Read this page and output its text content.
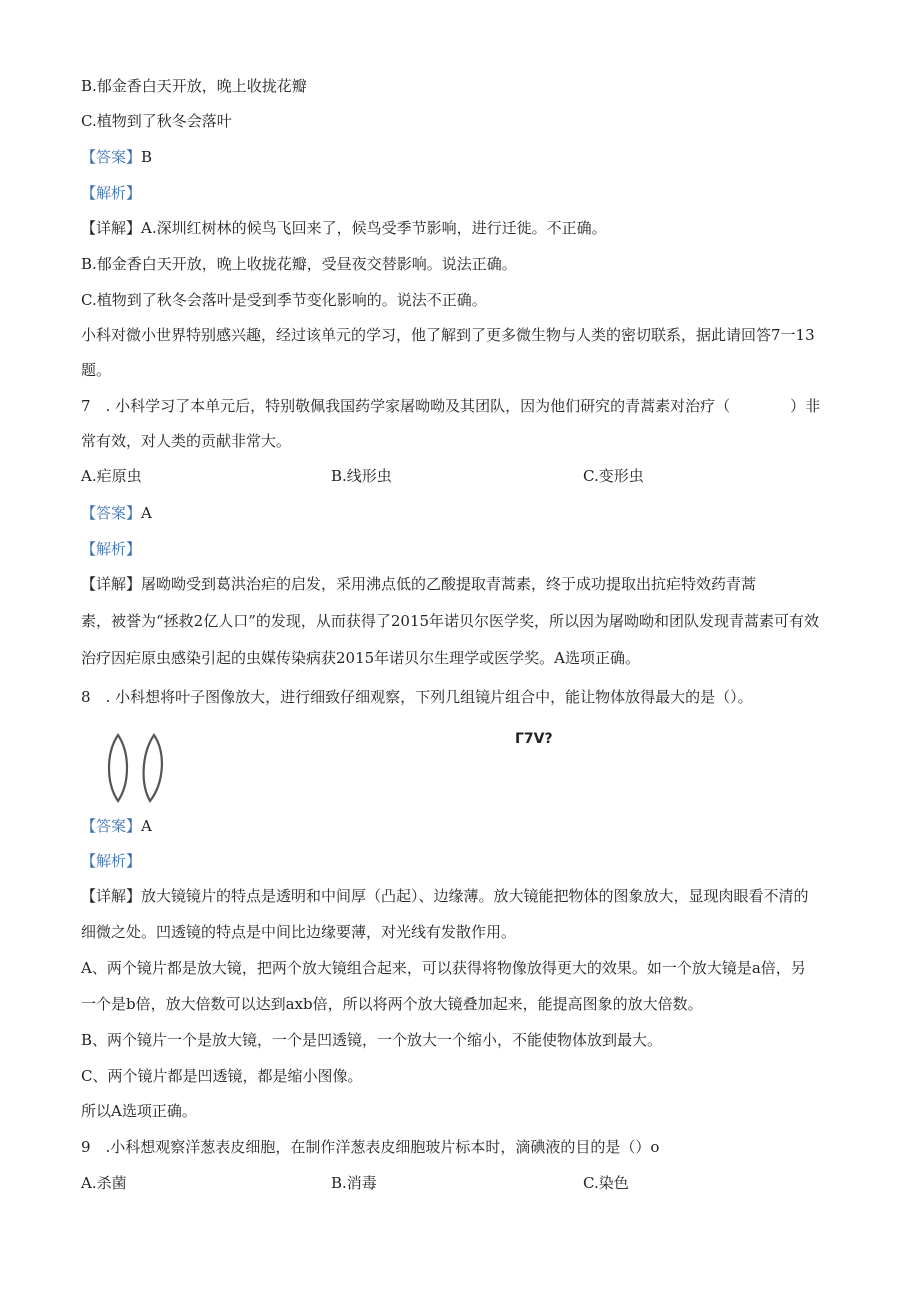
B.郁金香白天开放，晚上收拢花瓣
C.植物到了秋冬会落叶
【答案】B
【解析】
【详解】A.深圳红树林的候鸟飞回来了，候鸟受季节影响，进行迁徙。不正确。
B.郁金香白天开放，晚上收拢花瓣，受昼夜交替影响。说法正确。
C.植物到了秋冬会落叶是受到季节变化影响的。说法不正确。
小科对微小世界特别感兴趣，经过该单元的学习，他了解到了更多微生物与人类的密切联系，据此请回答7一13
题。
7　. 小科学习了本单元后，特别敬佩我国药学家屠呦呦及其团队，因为他们研究的青蒿素对治疗（　　　　）非
常有效，对人类的贡献非常大。
A.疟原虫	B.线形虫	C.变形虫
【答案】A
【解析】
【详解】屠呦呦受到葛洪治疟的启发，采用沸点低的乙酸提取青蒿素，终于成功提取出抗疟特效药青蒿
素，被誉为“拯救2亿人口”的发现，从而获得了2015年诺贝尔医学奖，所以因为屠呦呦和团队发现青蒿素可有效
治疗因疟原虫感染引起的虫媒传染病获2015年诺贝尔生理学或医学奖。A选项正确。
8　. 小科想将叶子图像放大，进行细致仔细观察，下列几组镜片组合中，能让物体放得最大的是（）。
Γ7V?
【答案】A
【解析】
【详解】放大镜镜片的特点是透明和中间厚（凸起）、边缘薄。放大镜能把物体的图象放大，显现肉眼看不清的
细微之处。凹透镜的特点是中间比边缘要薄，对光线有发散作用。
A、两个镜片都是放大镜，把两个放大镜组合起来，可以获得将物像放得更大的效果。如一个放大镜是a倍，另
一个是b倍，放大倍数可以达到axb倍，所以将两个放大镜叠加起来，能提高图象的放大倍数。
B、两个镜片一个是放大镜，一个是凹透镜，一个放大一个缩小，不能使物体放到最大。
C、两个镜片都是凹透镜，都是缩小图像。
所以A选项正确。
9　.小科想观察洋葱表皮细胞，在制作洋葱表皮细胞玻片标本时，滴碘液的目的是（）o
A.杀菌	B.消毒	C.染色
